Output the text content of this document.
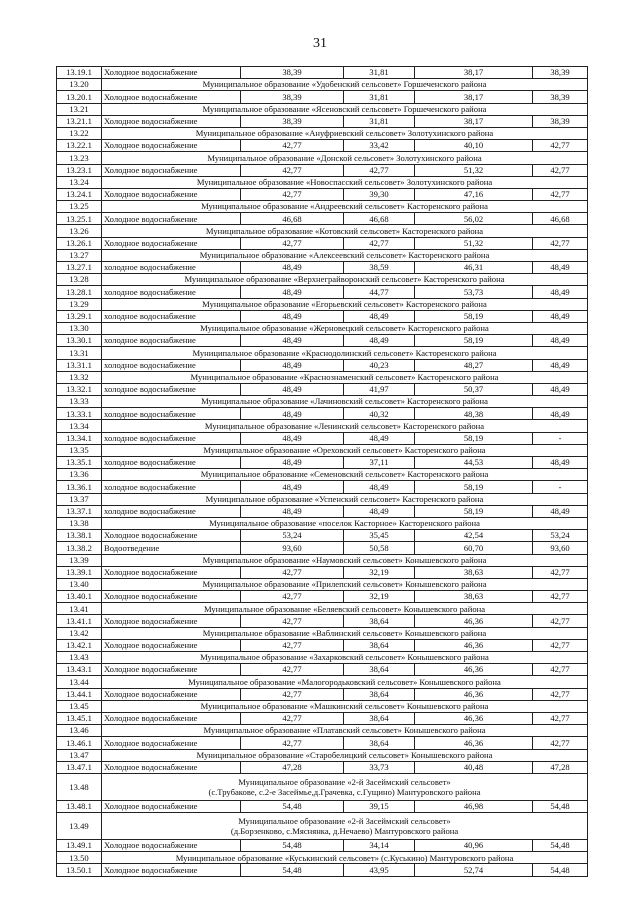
31
13.19.1	Холодное водоснабжение	38,39	31,81	38,17	38,39
13.20	Муниципальное образование «Удобенский сельсовет» Горшеченского района				
13.20.1	Холодное водоснабжение	38,39	31,81	38,17	38,39
13.21	Муниципальное образование «Ясеновский сельсовет» Горшеченского района				
13.21.1	Холодное водоснабжение	38,39	31,81	38,17	38,39
13.22	Муниципальное образование «Ануфриевский сельсовет» Золотухинского района				
13.22.1	Холодное водоснабжение	42,77	33,42	40,10	42,77
13.23	Муниципальное образование «Донской сельсовет» Золотухинского района				
13.23.1	Холодное водоснабжение	42,77	42,77	51,32	42,77
13.24	Муниципальное образование «Новоспасский сельсовет» Золотухинского района				
13.24.1	Холодное водоснабжение	42,77	39,30	47,16	42,77
13.25	Муниципальное образование «Андреевский сельсовет» Касторенского района				
13.25.1	Холодное водоснабжение	46,68	46,68	56,02	46,68
13.26	Муниципальное образование «Котовский сельсовет» Касторенского района				
13.26.1	Холодное водоснабжение	42,77	42,77	51,32	42,77
13.27	Муниципальное образование «Алексеевский сельсовет» Касторенского района				
13.27.1	холодное водоснабжение	48,49	38,59	46,31	48,49
13.28	Муниципальное образование «Верхнеграйворонский сельсовет» Касторенского района				
13.28.1	холодное водоснабжение	48,49	44,77	53,73	48,49
13.29	Муниципальное образование «Егорьевский сельсовет» Касторенского района				
13.29.1	холодное водоснабжение	48,49	48,49	58,19	48,49
13.30	Муниципальное образование «Жерновецкий сельсовет» Касторенского района				
13.30.1	холодное водоснабжение	48,49	48,49	58,19	48,49
13.31	Муниципальное образование «Краснодолинский сельсовет» Касторенского района				
13.31.1	холодное водоснабжение	48,49	40,23	48,27	48,49
13.32	Муниципальное образование «Краснознаменский сельсовет» Касторенского района				
13.32.1	холодное водоснабжение	48,49	41,97	50,37	48,49
13.33	Муниципальное образование «Лачиновский сельсовет» Касторенского района				
13.33.1	холодное водоснабжение	48,49	40,32	48,38	48,49
13.34	Муниципальное образование «Ленинский сельсовет» Касторенского района				
13.34.1	холодное водоснабжение	48,49	48,49	58,19	-
13.35	Муниципальное образование «Ореховский сельсовет» Касторенского района				
13.35.1	холодное водоснабжение	48,49	37,11	44,53	48,49
13.36	Муниципальное образование «Семеновский сельсовет» Касторенского района				
13.36.1	холодное водоснабжение	48,49	48,49	58,19	-
13.37	Муниципальное образование «Успенский сельсовет» Касторенского района				
13.37.1	холодное водоснабжение	48,49	48,49	58,19	48,49
13.38	Муниципальное образование «поселок Касторное» Касторенского района				
13.38.1	Холодное водоснабжение	53,24	35,45	42,54	53,24
13.38.2	Водоотведение	93,60	50,58	60,70	93,60
13.39	Муниципальное образование «Наумовский сельсовет» Конышевского района				
13.39.1	Холодное водоснабжение	42,77	32,19	38,63	42,77
13.40	Муниципальное образование «Прилепский сельсовет» Конышевского района				
13.40.1	Холодное водоснабжение	42,77	32,19	38,63	42,77
13.41	Муниципальное образование «Беляевский сельсовет» Конышевского района				
13.41.1	Холодное водоснабжение	42,77	38,64	46,36	42,77
13.42	Муниципальное образование «Ваблинский сельсовет» Конышевского района				
13.42.1	Холодное водоснабжение	42,77	38,64	46,36	42,77
13.43	Муниципальное образование «Захарковский сельсовет» Конышевского района				
13.43.1	Холодное водоснабжение	42,77	38,64	46,36	42,77
13.44	Муниципальное образование «Малогородьковский сельсовет» Конышевского района				
13.44.1	Холодное водоснабжение	42,77	38,64	46,36	42,77
13.45	Муниципальное образование «Машкинский сельсовет» Конышевского района				
13.45.1	Холодное водоснабжение	42,77	38,64	46,36	42,77
13.46	Муниципальное образование «Платавский сельсовет» Конышевского района				
13.46.1	Холодное водоснабжение	42,77	38,64	46,36	42,77
13.47	Муниципальное образование «Старобелицкий сельсовет» Конышевского района				
13.47.1	Холодное водоснабжение	47,28	33,73	40,48	47,28
13.48	Муниципальное образование «2-й Засеймский сельсовет»
(с.Трубакове, с.2-е Засеймье,д.Грачевка, с.Гущино) Мантуровского района				

13.48.1	Холодное водоснабжение	54,48	39,15	46,98	54,48
13.49	Муниципальное образование «2-й Засеймский сельсовет»
(д.Борзенково, с.Мяснянка, д.Нечаево) Мантуровского района				

13.49.1	Холодное водоснабжение	54,48	34,14	40,96	54,48
13.50	Муниципальное образование «Куськинский сельсовет» (с.Куськино) Мантуровского района				
13.50.1	Холодное водоснабжение	54,48	43,95	52,74	54,48
